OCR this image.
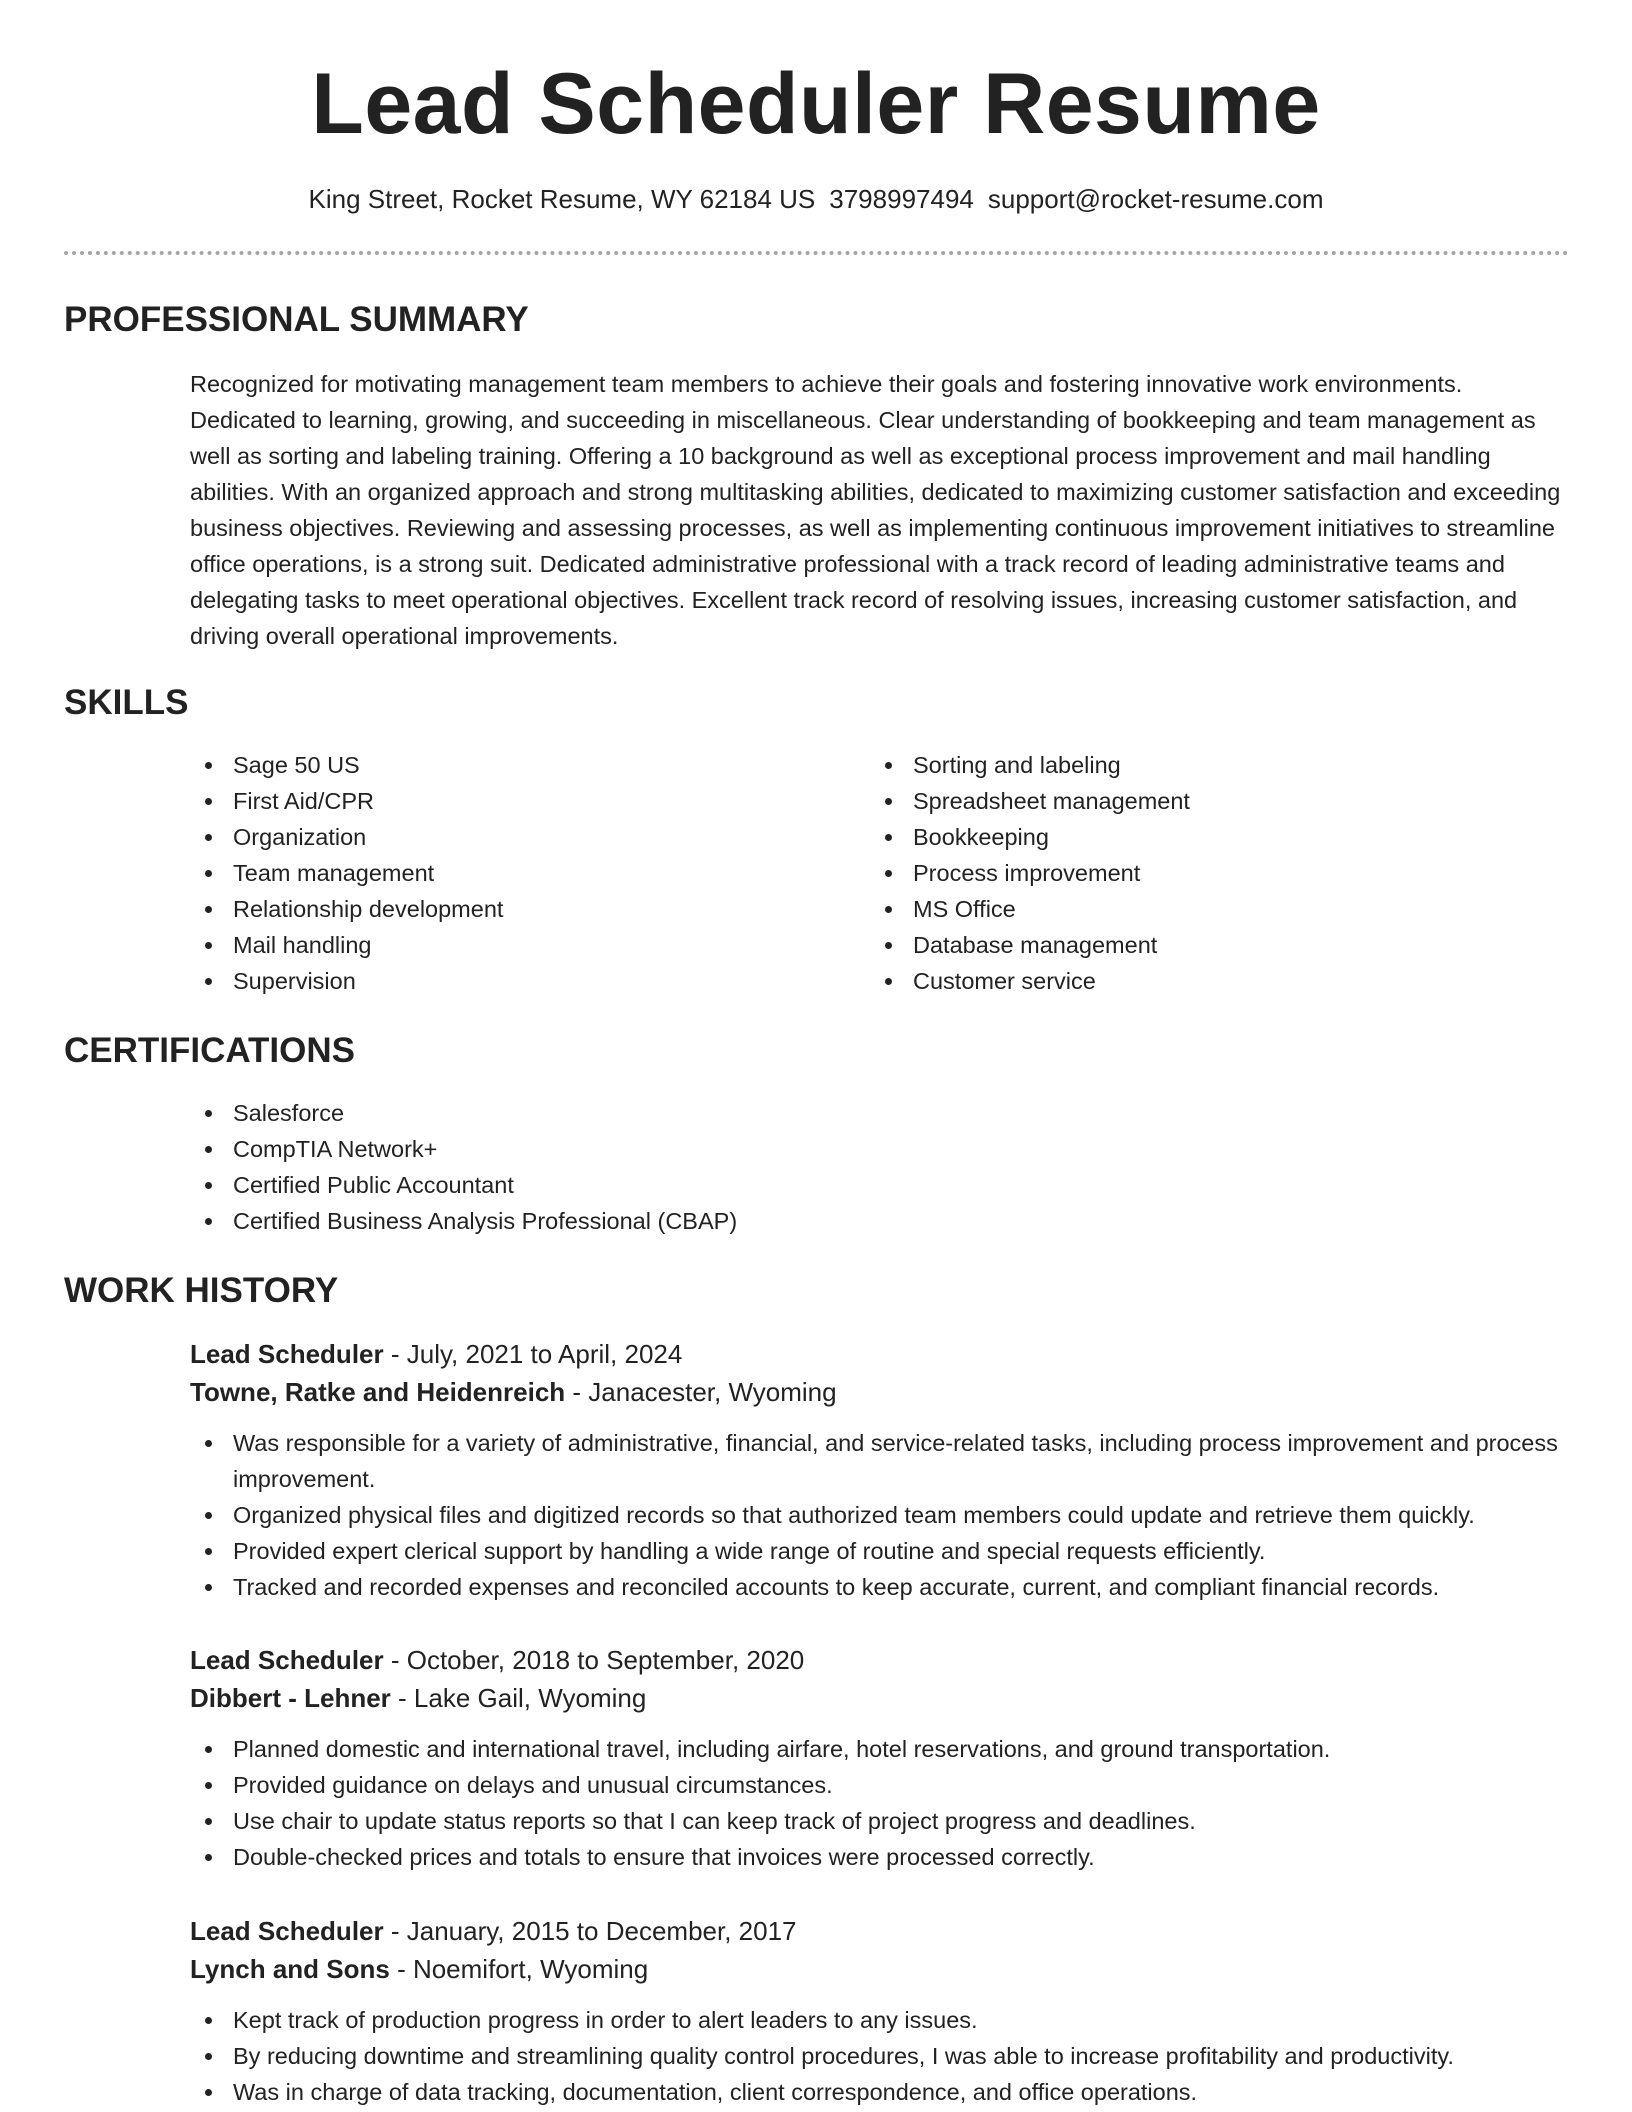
Lead Scheduler Resume
King Street, Rocket Resume, WY 62184 US 3798997494 support@rocket-resume.com
PROFESSIONAL SUMMARY

Recognized for motivating management team members to achieve their goals and fostering innovative work environments. Dedicated to learning, growing, and succeeding in miscellaneous. Clear understanding of bookkeeping and team management as well as sorting and labeling training. Offering a 10 background as well as exceptional process improvement and mail handling abilities. With an organized approach and strong multitasking abilities, dedicated to maximizing customer satisfaction and exceeding business objectives. Reviewing and assessing processes, as well as implementing continuous improvement initiatives to streamline office operations, is a strong suit. Dedicated administrative professional with a track record of leading administrative teams and delegating tasks to meet operational objectives. Excellent track record of resolving issues, increasing customer satisfaction, and driving overall operational improvements.

SKILLS
Sage 50 US
First Aid/CPR
Organization
Team management
Relationship development
Mail handling
Supervision
Sorting and labeling
Spreadsheet management
Bookkeeping
Process improvement
MS Office
Database management
Customer service
CERTIFICATIONS
Salesforce
CompTIA Network+
Certified Public Accountant
Certified Business Analysis Professional (CBAP)
WORK HISTORY
Lead Scheduler - July, 2021 to April, 2024
Towne, Ratke and Heidenreich - Janacester, Wyoming
Was responsible for a variety of administrative, financial, and service-related tasks, including process improvement and process improvement.
Organized physical files and digitized records so that authorized team members could update and retrieve them quickly.
Provided expert clerical support by handling a wide range of routine and special requests efficiently.
Tracked and recorded expenses and reconciled accounts to keep accurate, current, and compliant financial records.
Lead Scheduler - October, 2018 to September, 2020
Dibbert - Lehner - Lake Gail, Wyoming
Planned domestic and international travel, including airfare, hotel reservations, and ground transportation.
Provided guidance on delays and unusual circumstances.
Use chair to update status reports so that I can keep track of project progress and deadlines.
Double-checked prices and totals to ensure that invoices were processed correctly.
Lead Scheduler - January, 2015 to December, 2017
Lynch and Sons - Noemifort, Wyoming
Kept track of production progress in order to alert leaders to any issues.
By reducing downtime and streamlining quality control procedures, I was able to increase profitability and productivity.
Was in charge of data tracking, documentation, client correspondence, and office operations.
